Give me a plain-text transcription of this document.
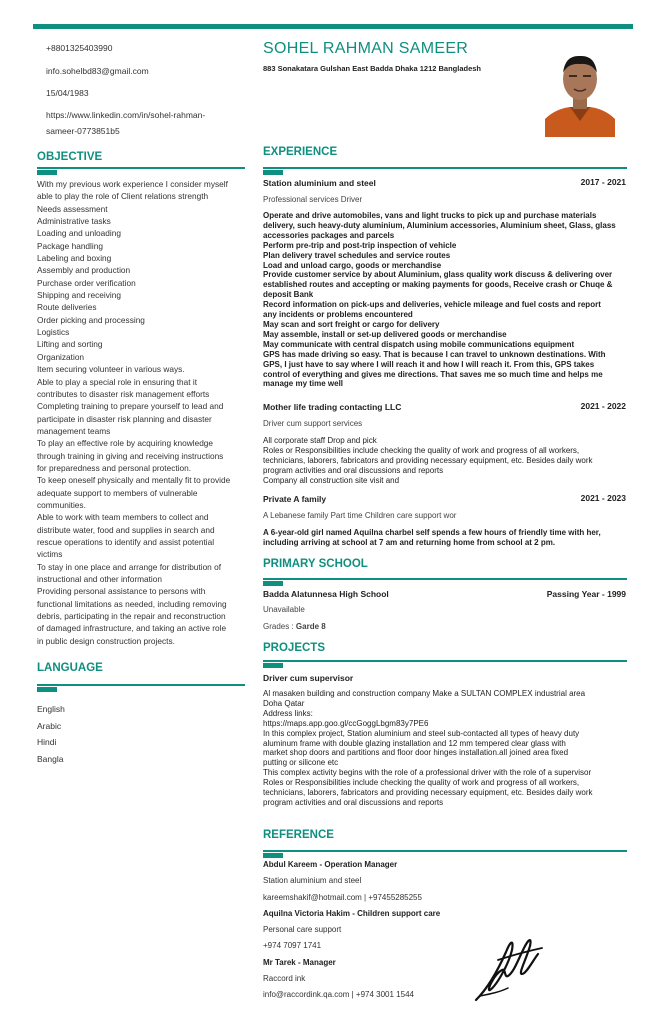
+8801325403990
info.sohelbd83@gmail.com
15/04/1983
https://www.linkedin.com/in/sohel-rahman-
sameer-0773851b5
OBJECTIVE
With my previous work experience I consider myself
able to play the role of Client relations strength
Needs assessment
Administrative tasks
Loading and unloading
Package handling
Labeling and boxing
Assembly and production
Purchase order verification
Shipping and receiving
Route deliveries
Order picking and processing
Logistics
Lifting and sorting
Organization
Item securing volunteer in various ways.
Able to play a special role in ensuring that it
contributes to disaster risk management efforts
Completing training to prepare yourself to lead and
participate in disaster risk planning and disaster
management teams
To play an effective role by acquiring knowledge
through training in giving and receiving instructions
for preparedness and personal protection.
To keep oneself physically and mentally fit to provide
adequate support to members of vulnerable
communities.
Able to work with team members to collect and
distribute water, food and supplies in search and
rescue operations to identify and assist potential
victims
To stay in one place and arrange for distribution of
instructional and other information
Providing personal assistance to persons with
functional limitations as needed, including removing
debris, participating in the repair and reconstruction
of damaged infrastructure, and taking an active role
in public design construction projects.
LANGUAGE
English
Arabic
Hindi
Bangla
SOHEL RAHMAN SAMEER
883 Sonakatara Gulshan East Badda Dhaka 1212 Bangladesh
EXPERIENCE
Station aluminium and steel	2017 - 2021
Professional services Driver
Operate and drive automobiles, vans and light trucks to pick up and purchase materials
delivery, such heavy-duty aluminium, Aluminium accessories, Aluminium sheet, Glass, glass
accessories packages and parcels
Perform pre-trip and post-trip inspection of vehicle
Plan delivery travel schedules and service routes
Load and unload cargo, goods or merchandise
Provide customer service by about Aluminium, glass quality work discuss & delivering over
established routes and accepting or making payments for goods, Receive crash or Chuqe &
deposit Bank
Record information on pick-ups and deliveries, vehicle mileage and fuel costs and report
any incidents or problems encountered
May scan and sort freight or cargo for delivery
May assemble, install or set-up delivered goods or merchandise
May communicate with central dispatch using mobile communications equipment
GPS has made driving so easy. That is because I can travel to unknown destinations. With
GPS, I just have to say where I will reach it and how I will reach it. From this, GPS takes
control of everything and gives me directions. That saves me so much time and helps me
manage my time well
Mother life trading contacting LLC	2021 - 2022
Driver cum support services
All corporate staff Drop and pick
Roles or Responsibilities include checking the quality of work and progress of all workers,
technicians, laborers, fabricators and providing necessary equipment, etc. Besides daily work
program activities and oral discussions and reports
Company all construction site visit and
Private A family	2021 - 2023
A Lebanese family Part time Children care support wor
A 6-year-old girl named Aquilna charbel self spends a few hours of friendly time with her,
including arriving at school at 7 am and returning home from school at 2 pm.
PRIMARY SCHOOL
Badda Alatunnesa High School	Passing Year - 1999
Unavailable
Grades : Garde 8
PROJECTS
Driver cum supervisor
Al masaken building and construction company Make a SULTAN COMPLEX industrial area
Doha Qatar
Address links:
https://maps.app.goo.gl/ccGoggLbgm83y7PE6
In this complex project, Station aluminium and steel sub-contacted all types of heavy duty
aluminum frame with double glazing installation and 12 mm tempered clear glass with
market shop doors and partitions and floor door hinges installation.all joined area fixed
putting or silicone etc
This complex activity begins with the role of a professional driver with the role of a supervisor
Roles or Responsibilities include checking the quality of work and progress of all workers,
technicians, laborers, fabricators and providing necessary equipment, etc. Besides daily work
program activities and oral discussions and reports
REFERENCE
Abdul Kareem - Operation Manager
Station aluminium and steel
kareemshakif@hotmail.com | +97455285255
Aquilna Victoria Hakim - Children support care
Personal care support
+974 7097 1741
Mr Tarek - Manager
Raccord ink
info@raccordink.qa.com | +974 3001 1544
